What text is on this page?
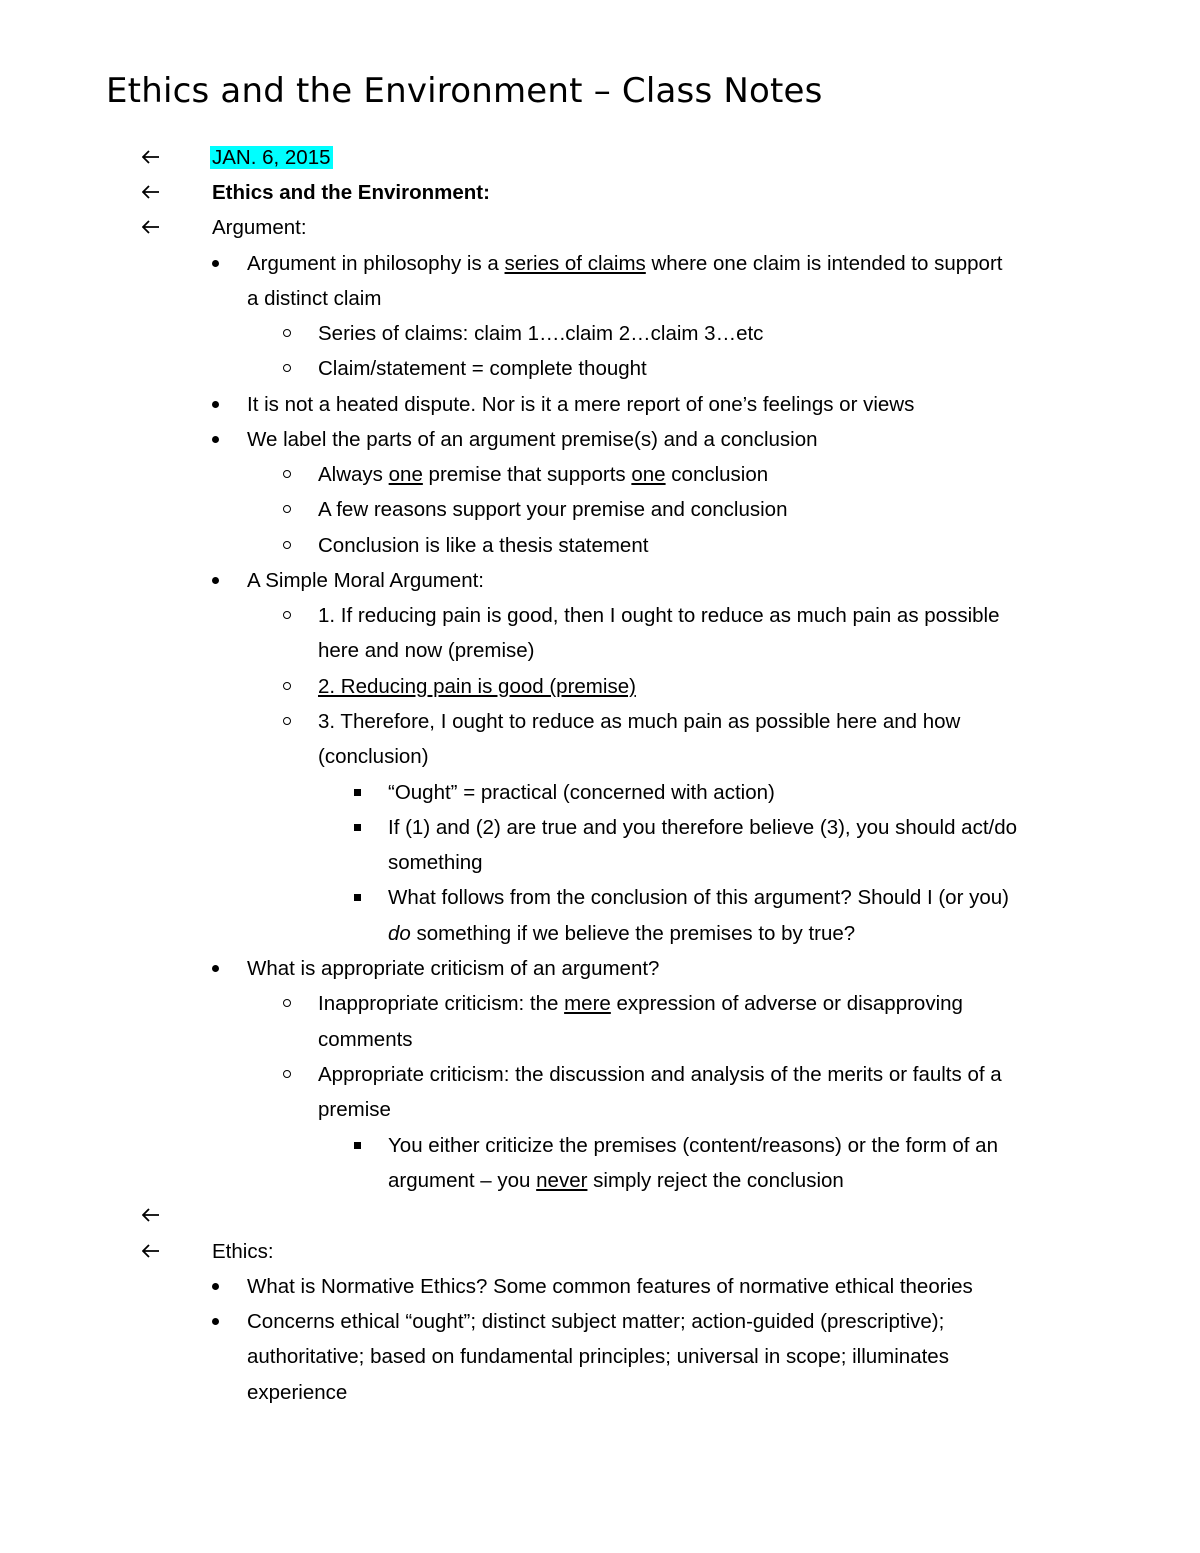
Ethics and the Environment – Class Notes

JAN. 6, 2015

Ethics and the Environment:

Argument:

Argument in philosophy is a series of claims where one claim is intended to support

a distinct claim

Series of claims: claim 1….claim 2…claim 3…etc

Claim/statement = complete thought

It is not a heated dispute. Nor is it a mere report of one’s feelings or views

We label the parts of an argument premise(s) and a conclusion

Always one premise that supports one conclusion

A few reasons support your premise and conclusion

Conclusion is like a thesis statement

A Simple Moral Argument:

1. If reducing pain is good, then I ought to reduce as much pain as possible

here and now (premise)

2. Reducing pain is good (premise)

3. Therefore, I ought to reduce as much pain as possible here and how

(conclusion)

“Ought” = practical (concerned with action)

If (1) and (2) are true and you therefore believe (3), you should act/do

something

What follows from the conclusion of this argument? Should I (or you)

do something if we believe the premises to by true?

What is appropriate criticism of an argument?

Inappropriate criticism: the mere expression of adverse or disapproving

comments

Appropriate criticism: the discussion and analysis of the merits or faults of a

premise

You either criticize the premises (content/reasons) or the form of an

argument – you never simply reject the conclusion

Ethics:

What is Normative Ethics? Some common features of normative ethical theories

Concerns ethical “ought”; distinct subject matter; action-guided (prescriptive);

authoritative; based on fundamental principles; universal in scope; illuminates

experience
